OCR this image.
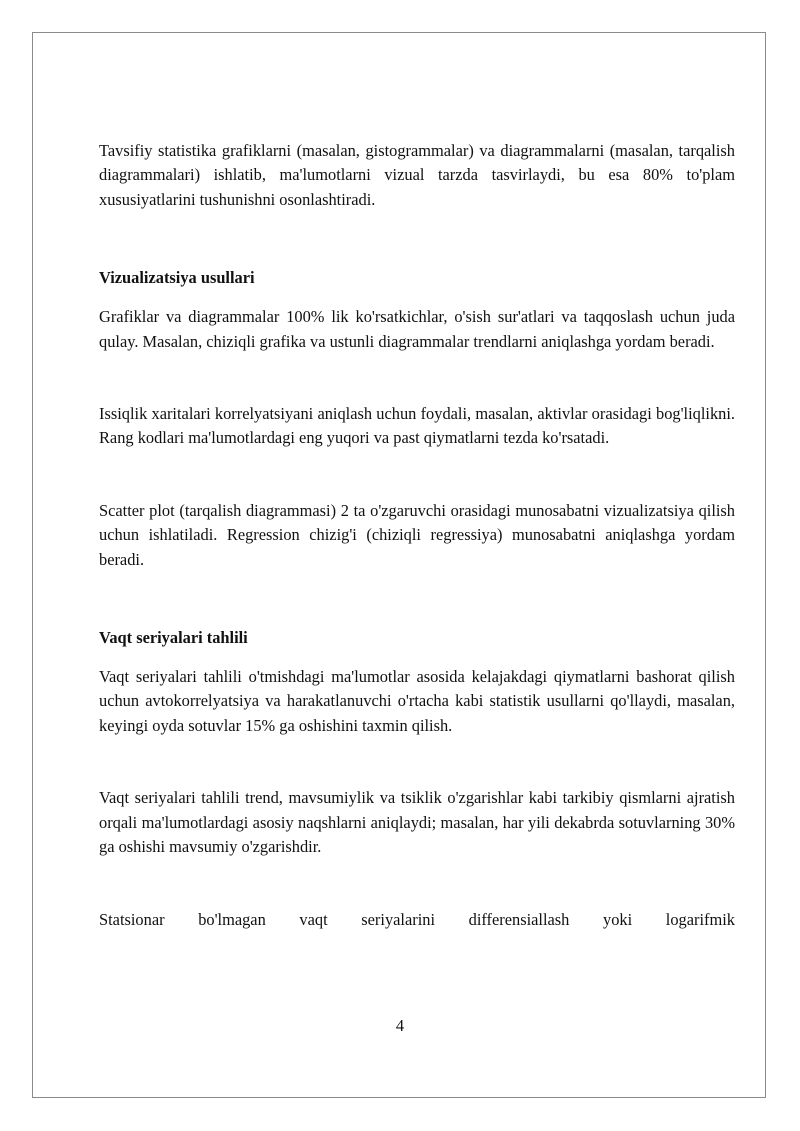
Tavsifiy statistika grafiklarni (masalan, gistogrammalar) va diagrammalarni (masalan, tarqalish diagrammalari) ishlatib, ma'lumotlarni vizual tarzda tasvirlaydi, bu esa 80% to'plam xususiyatlarini tushunishni osonlashtiradi.

Vizualizatsiya usullari

Grafiklar va diagrammalar 100% lik ko'rsatkichlar, o'sish sur'atlari va taqqoslash uchun juda qulay. Masalan, chiziqli grafika va ustunli diagrammalar trendlarni aniqlashga yordam beradi.

Issiqlik xaritalari korrelyatsiyani aniqlash uchun foydali, masalan, aktivlar orasidagi bog'liqlikni. Rang kodlari ma'lumotlardagi eng yuqori va past qiymatlarni tezda ko'rsatadi.

Scatter plot (tarqalish diagrammasi) 2 ta o'zgaruvchi orasidagi munosabatni vizualizatsiya qilish uchun ishlatiladi. Regression chizig'i (chiziqli regressiya) munosabatni aniqlashga yordam beradi.

Vaqt seriyalari tahlili

Vaqt seriyalari tahlili o'tmishdagi ma'lumotlar asosida kelajakdagi qiymatlarni bashorat qilish uchun avtokorrelyatsiya va harakatlanuvchi o'rtacha kabi statistik usullarni qo'llaydi, masalan, keyingi oyda sotuvlar 15% ga oshishini taxmin qilish.

Vaqt seriyalari tahlili trend, mavsumiylik va tsiklik o'zgarishlar kabi tarkibiy qismlarni ajratish orqali ma'lumotlardagi asosiy naqshlarni aniqlaydi; masalan, har yili dekabrda sotuvlarning 30% ga oshishi mavsumiy o'zgarishdir.

Statsionar bo'lmagan vaqt seriyalarini differensiallash yoki logarifmik

4
